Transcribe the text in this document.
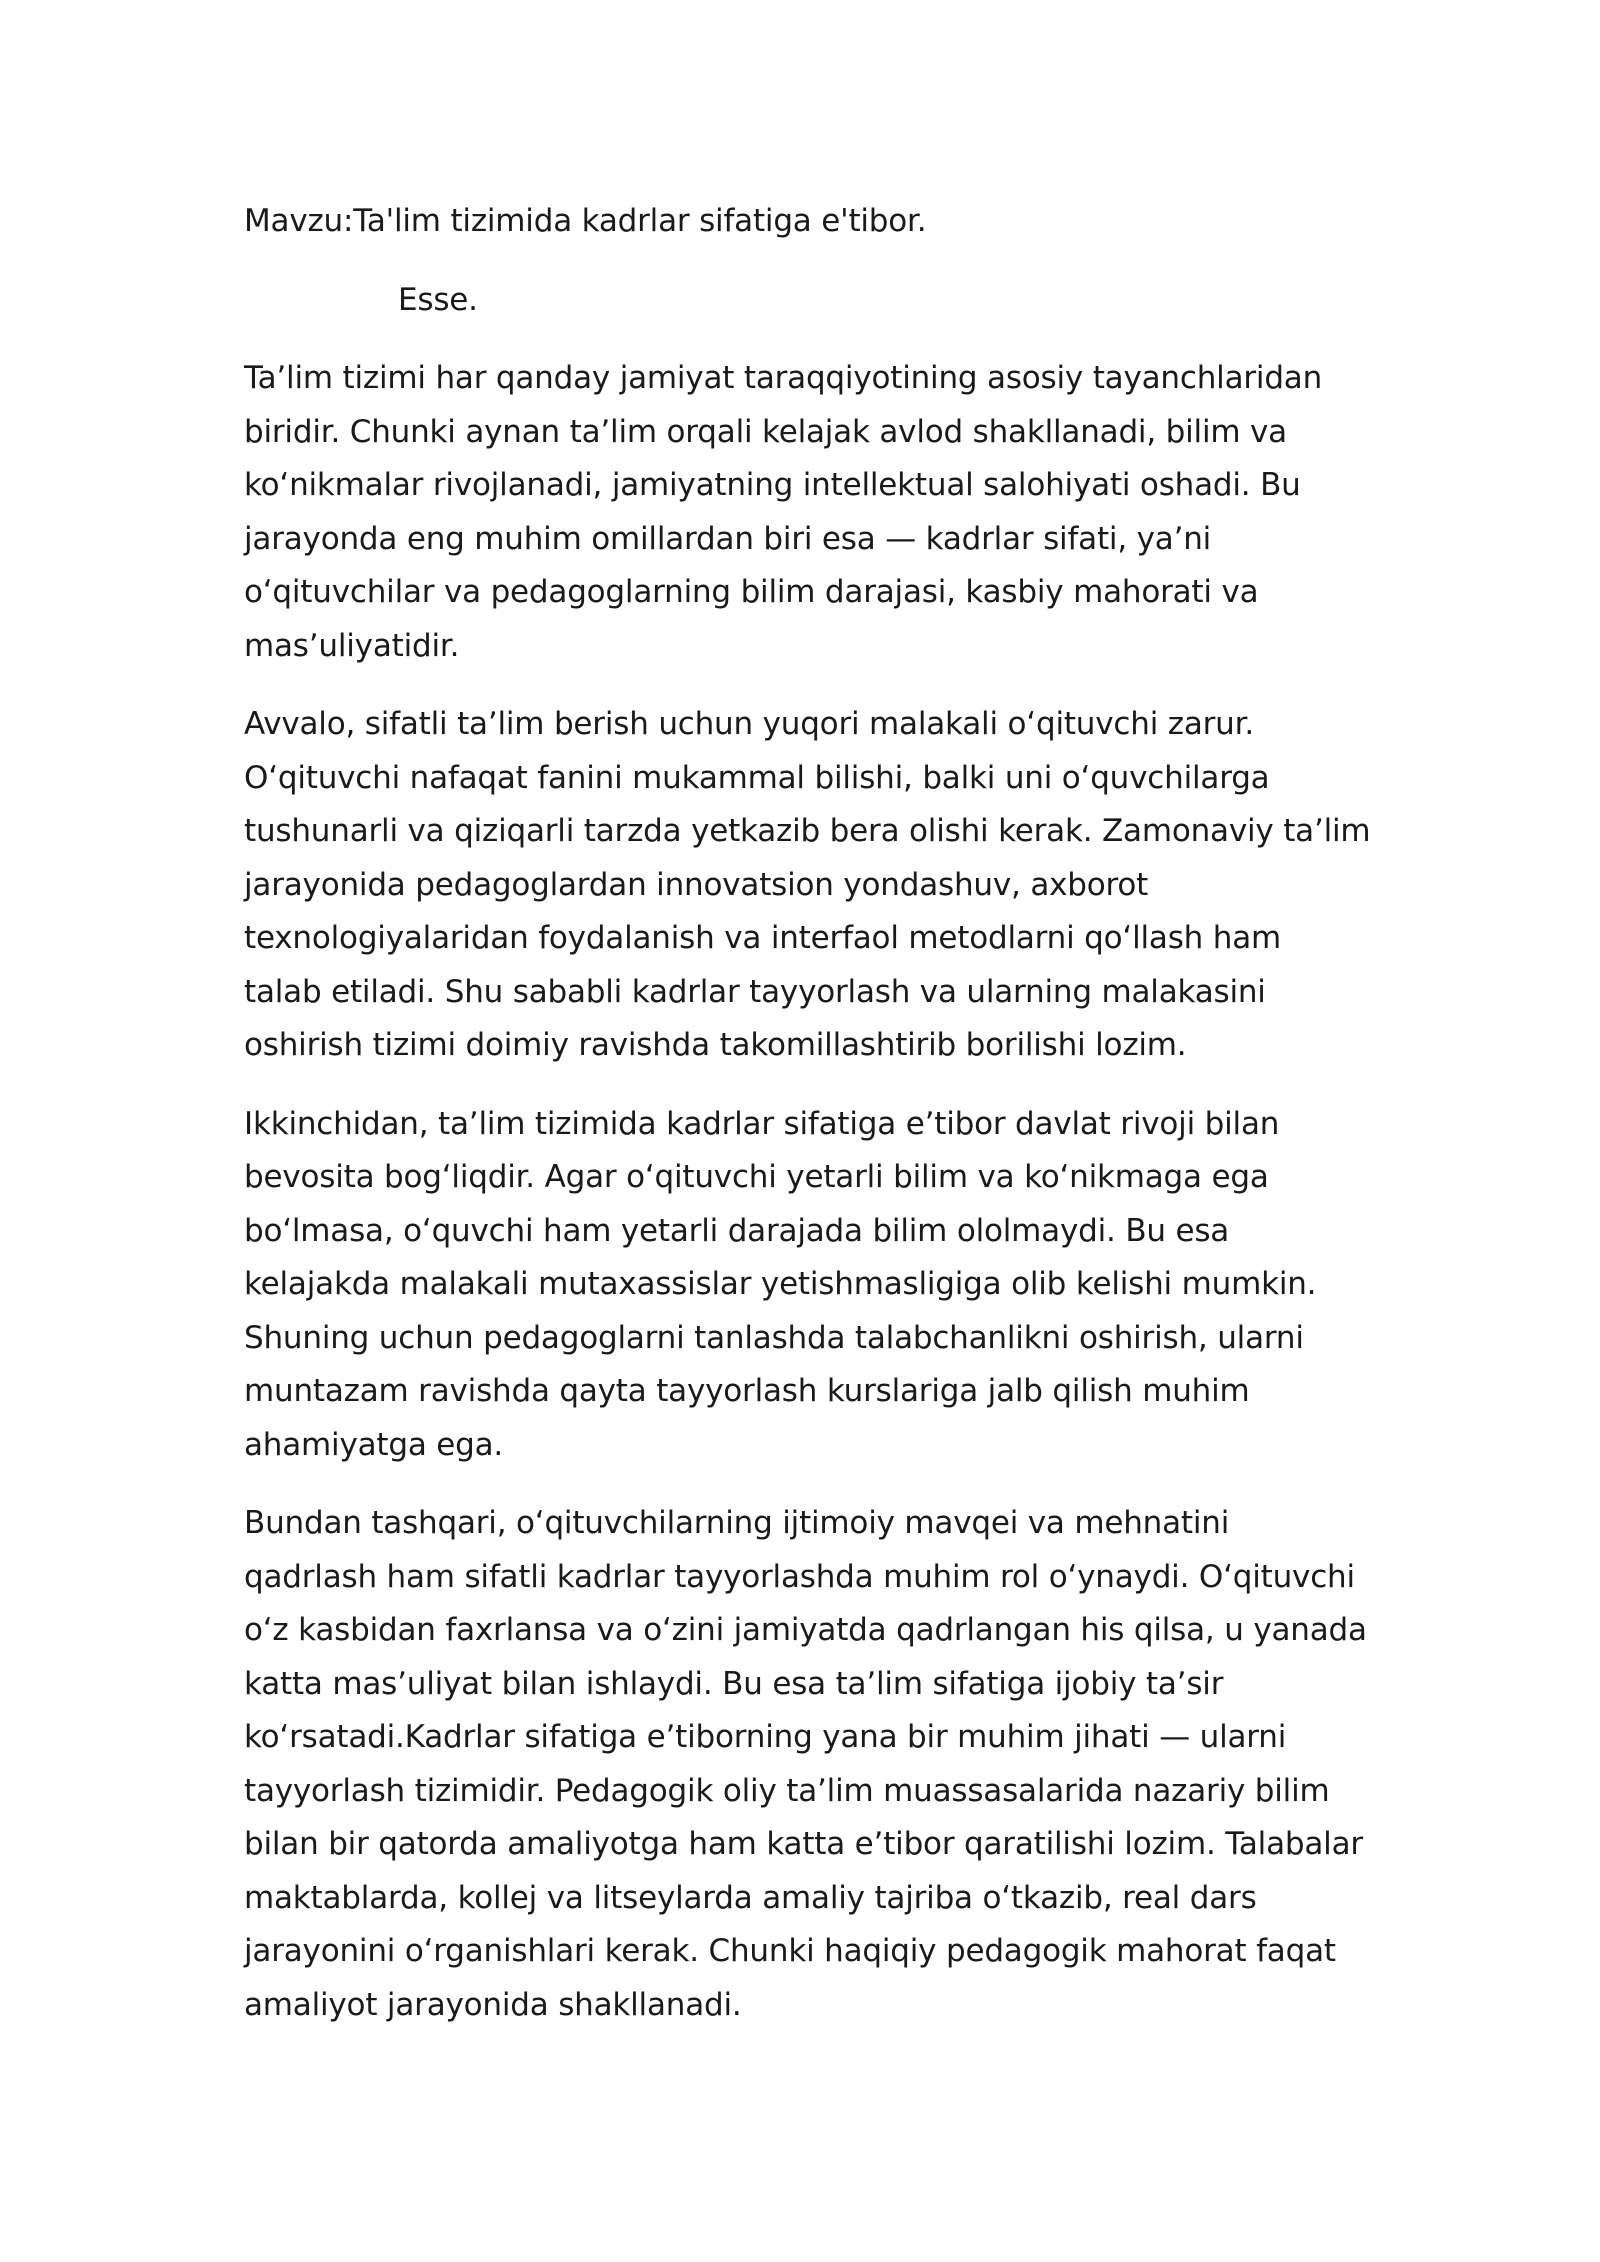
Mavzu:Ta'lim tizimida kadrlar sifatiga e'tibor.
Esse.

Ta’lim tizimi har qanday jamiyat taraqqiyotining asosiy tayanchlaridan
biridir. Chunki aynan ta’lim orqali kelajak avlod shakllanadi, bilim va
ko‘nikmalar rivojlanadi, jamiyatning intellektual salohiyati oshadi. Bu
jarayonda eng muhim omillardan biri esa — kadrlar sifati, ya’ni
o‘qituvchilar va pedagoglarning bilim darajasi, kasbiy mahorati va
mas’uliyatidir.

Avvalo, sifatli ta’lim berish uchun yuqori malakali o‘qituvchi zarur.
O‘qituvchi nafaqat fanini mukammal bilishi, balki uni o‘quvchilarga
tushunarli va qiziqarli tarzda yetkazib bera olishi kerak. Zamonaviy ta’lim
jarayonida pedagoglardan innovatsion yondashuv, axborot
texnologiyalaridan foydalanish va interfaol metodlarni qo‘llash ham
talab etiladi. Shu sababli kadrlar tayyorlash va ularning malakasini
oshirish tizimi doimiy ravishda takomillashtirib borilishi lozim.

Ikkinchidan, ta’lim tizimida kadrlar sifatiga e’tibor davlat rivoji bilan
bevosita bog‘liqdir. Agar o‘qituvchi yetarli bilim va ko‘nikmaga ega
bo‘lmasa, o‘quvchi ham yetarli darajada bilim ololmaydi. Bu esa
kelajakda malakali mutaxassislar yetishmasligiga olib kelishi mumkin.
Shuning uchun pedagoglarni tanlashda talabchanlikni oshirish, ularni
muntazam ravishda qayta tayyorlash kurslariga jalb qilish muhim
ahamiyatga ega.

Bundan tashqari, o‘qituvchilarning ijtimoiy mavqei va mehnatini
qadrlash ham sifatli kadrlar tayyorlashda muhim rol o‘ynaydi. O‘qituvchi
o‘z kasbidan faxrlansa va o‘zini jamiyatda qadrlangan his qilsa, u yanada
katta mas’uliyat bilan ishlaydi. Bu esa ta’lim sifatiga ijobiy ta’sir
ko‘rsatadi.Kadrlar sifatiga e’tiborning yana bir muhim jihati — ularni
tayyorlash tizimidir. Pedagogik oliy ta’lim muassasalarida nazariy bilim
bilan bir qatorda amaliyotga ham katta e’tibor qaratilishi lozim. Talabalar
maktablarda, kollej va litseylarda amaliy tajriba o‘tkazib, real dars
jarayonini o‘rganishlari kerak. Chunki haqiqiy pedagogik mahorat faqat
amaliyot jarayonida shakllanadi.
